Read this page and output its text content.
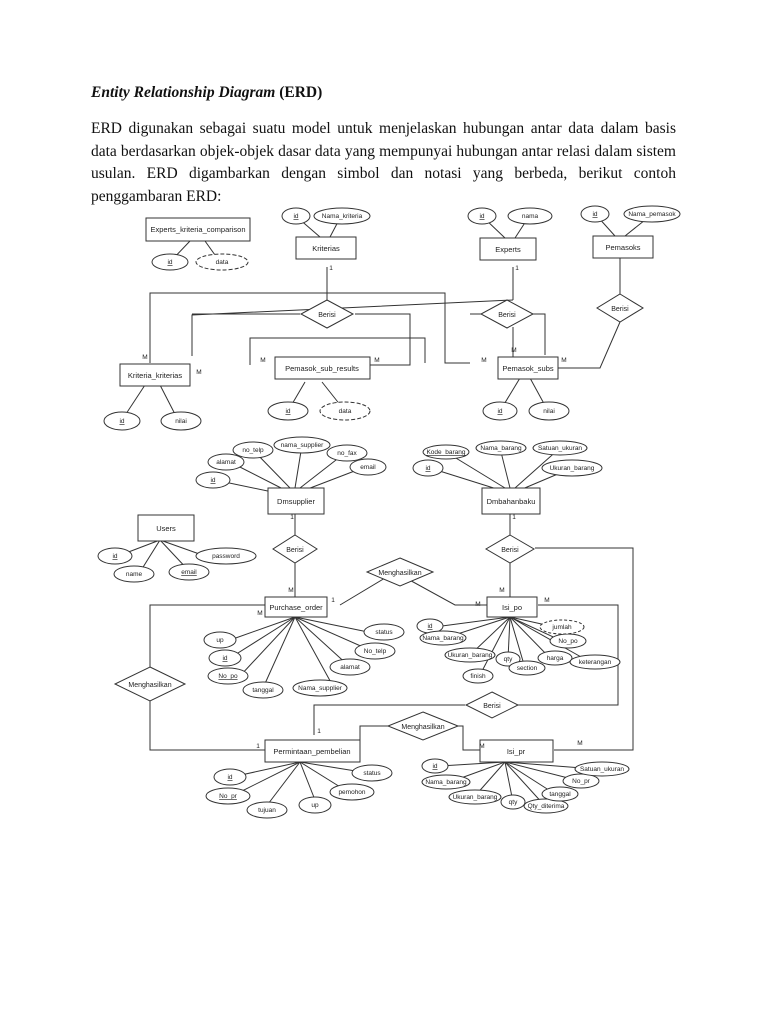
Entity Relationship Diagram (ERD)
ERD digunakan sebagai suatu model untuk menjelaskan hubungan antar data dalam basis data berdasarkan objek-objek dasar data yang mempunyai hubungan antar relasi dalam sistem usulan. ERD digambarkan dengan simbol dan notasi yang berbeda, berikut contoh penggambaran ERD:
Experts_kriteria_comparison
Kriterias	Experts	Pemasoks
Kriteria_kriterias
Pemasok_sub_results	Pemasok_subs
Dmsupplier	Dmbahanbaku
Users
Purchase_order	Isi_po
Permintaan_pembelian	Isi_pr
Berisi	Berisi
Berisi
Berisi	Berisi
Menghasilkan
Menghasilkan
Berisi
Menghasilkan
id	data
id	Nama_kriteria	id	nama	id	Nama_pemasok
id	nilai
id	data	id	nilai
no_telp
nama_supplier
no_fax
alamat
email
id
Kode_barang
Nama_barang	Satuan_ukuran
id	Ukuran_barang
id	password
name	email
up
id
No_po
tanggal	Nama_supplier
alamat
No_telp
status
id
Nama_barang
Ukuran_barang
finish
qty
section
harga
keterangan
No_po
jumlah
id
No_pr
tujuan
up
pemohon
status
id
Nama_barang
Ukuran_barang
qty
Qty_diterima
tanggal
No_pr
Satuan_ukuran
1	1
M
M
M	M	M
M
M
1	1
M
M
1
M
M
M
1
1	M	M
